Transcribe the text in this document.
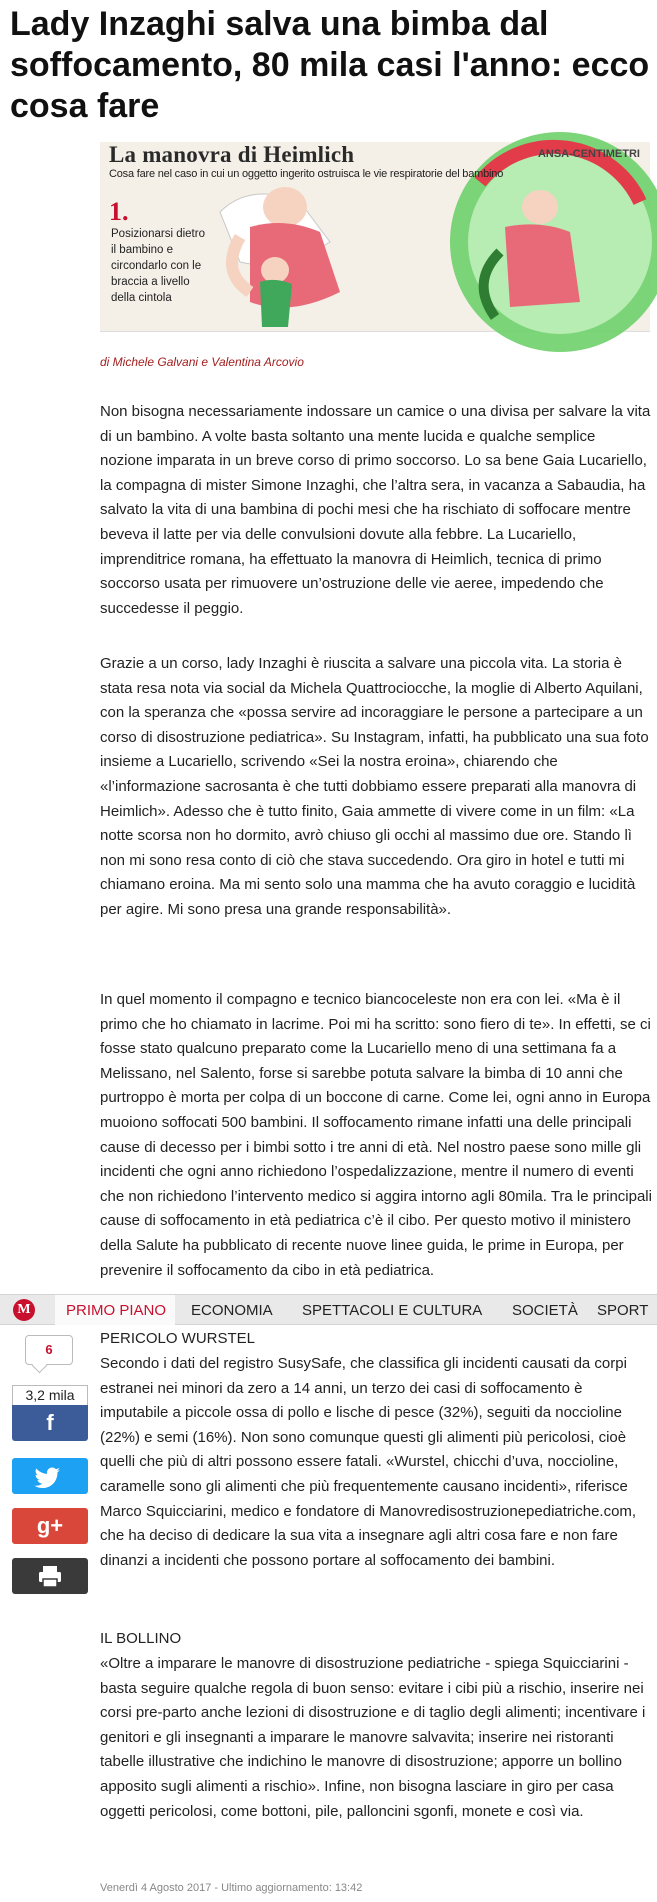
Lady Inzaghi salva una bimba dal soffocamento, 80 mila casi l'anno: ecco cosa fare
La manovra di Heimlich	ANSA-CENTIMETRI
Cosa fare nel caso in cui un oggetto ingerito ostruisca le vie respiratorie del bambino
1.
Posizionarsi dietro il bambino e circondarlo con le braccia a livello della cintola
di Michele Galvani e Valentina Arcovio

Non bisogna necessariamente indossare un camice o una divisa per salvare la vita di un bambino. A volte basta soltanto una mente lucida e qualche semplice nozione imparata in un breve corso di primo soccorso. Lo sa bene Gaia Lucariello, la compagna di mister Simone Inzaghi, che l’altra sera, in vacanza a Sabaudia, ha salvato la vita di una bambina di pochi mesi che ha rischiato di soffocare mentre beveva il latte per via delle convulsioni dovute alla febbre. La Lucariello, imprenditrice romana, ha effettuato la manovra di Heimlich, tecnica di primo soccorso usata per rimuovere un’ostruzione delle vie aeree, impedendo che succedesse il peggio.

Grazie a un corso, lady Inzaghi è riuscita a salvare una piccola vita. La storia è stata resa nota via social da Michela Quattrociocche, la moglie di Alberto Aquilani, con la speranza che «possa servire ad incoraggiare le persone a partecipare a un corso di disostruzione pediatrica». Su Instagram, infatti, ha pubblicato una sua foto insieme a Lucariello, scrivendo «Sei la nostra eroina», chiarendo che «l’informazione sacrosanta è che tutti dobbiamo essere preparati alla manovra di Heimlich». Adesso che è tutto finito, Gaia ammette di vivere come in un film: «La notte scorsa non ho dormito, avrò chiuso gli occhi al massimo due ore. Stando lì non mi sono resa conto di ciò che stava succedendo. Ora giro in hotel e tutti mi chiamano eroina. Ma mi sento solo una mamma che ha avuto coraggio e lucidità per agire. Mi sono presa una grande responsabilità».

In quel momento il compagno e tecnico biancoceleste non era con lei. «Ma è il primo che ho chiamato in lacrime. Poi mi ha scritto: sono fiero di te». In effetti, se ci fosse stato qualcuno preparato come la Lucariello meno di una settimana fa a Melissano, nel Salento, forse si sarebbe potuta salvare la bimba di 10 anni che purtroppo è morta per colpa di un boccone di carne. Come lei, ogni anno in Europa muoiono soffocati 500 bambini. Il soffocamento rimane infatti una delle principali cause di decesso per i bimbi sotto i tre anni di età. Nel nostro paese sono mille gli incidenti che ogni anno richiedono l’ospedalizzazione, mentre il numero di eventi che non richiedono l’intervento medico si aggira intorno agli 80mila. Tra le principali cause di soffocamento in età pediatrica c’è il cibo. Per questo motivo il ministero della Salute ha pubblicato di recente nuove linee guida, le prime in Europa, per prevenire il soffocamento da cibo in età pediatrica.

M PRIMO PIANO ECONOMIA SPETTACOLI E CULTURA SOCIETÀ SPORT
6
3,2 mila
f
g+
PERICOLO WURSTEL

Secondo i dati del registro SusySafe, che classifica gli incidenti causati da corpi estranei nei minori da zero a 14 anni, un terzo dei casi di soffocamento è imputabile a piccole ossa di pollo e lische di pesce (32%), seguiti da noccioline (22%) e semi (16%). Non sono comunque questi gli alimenti più pericolosi, cioè quelli che più di altri possono essere fatali. «Wurstel, chicchi d’uva, noccioline, caramelle sono gli alimenti che più frequentemente causano incidenti», riferisce Marco Squicciarini, medico e fondatore di Manovredisostruzionepediatriche.com, che ha deciso di dedicare la sua vita a insegnare agli altri cosa fare e non fare dinanzi a incidenti che possono portare al soffocamento dei bambini.

IL BOLLINO

«Oltre a imparare le manovre di disostruzione pediatriche - spiega Squicciarini - basta seguire qualche regola di buon senso: evitare i cibi più a rischio, inserire nei corsi pre-parto anche lezioni di disostruzione e di taglio degli alimenti; incentivare i genitori e gli insegnanti a imparare le manovre salvavita; inserire nei ristoranti tabelle illustrative che indichino le manovre di disostruzione; apporre un bollino apposito sugli alimenti a rischio». Infine, non bisogna lasciare in giro per casa oggetti pericolosi, come bottoni, pile, palloncini sgonfi, monete e così via.

Venerdì 4 Agosto 2017 - Ultimo aggiornamento: 13:42
